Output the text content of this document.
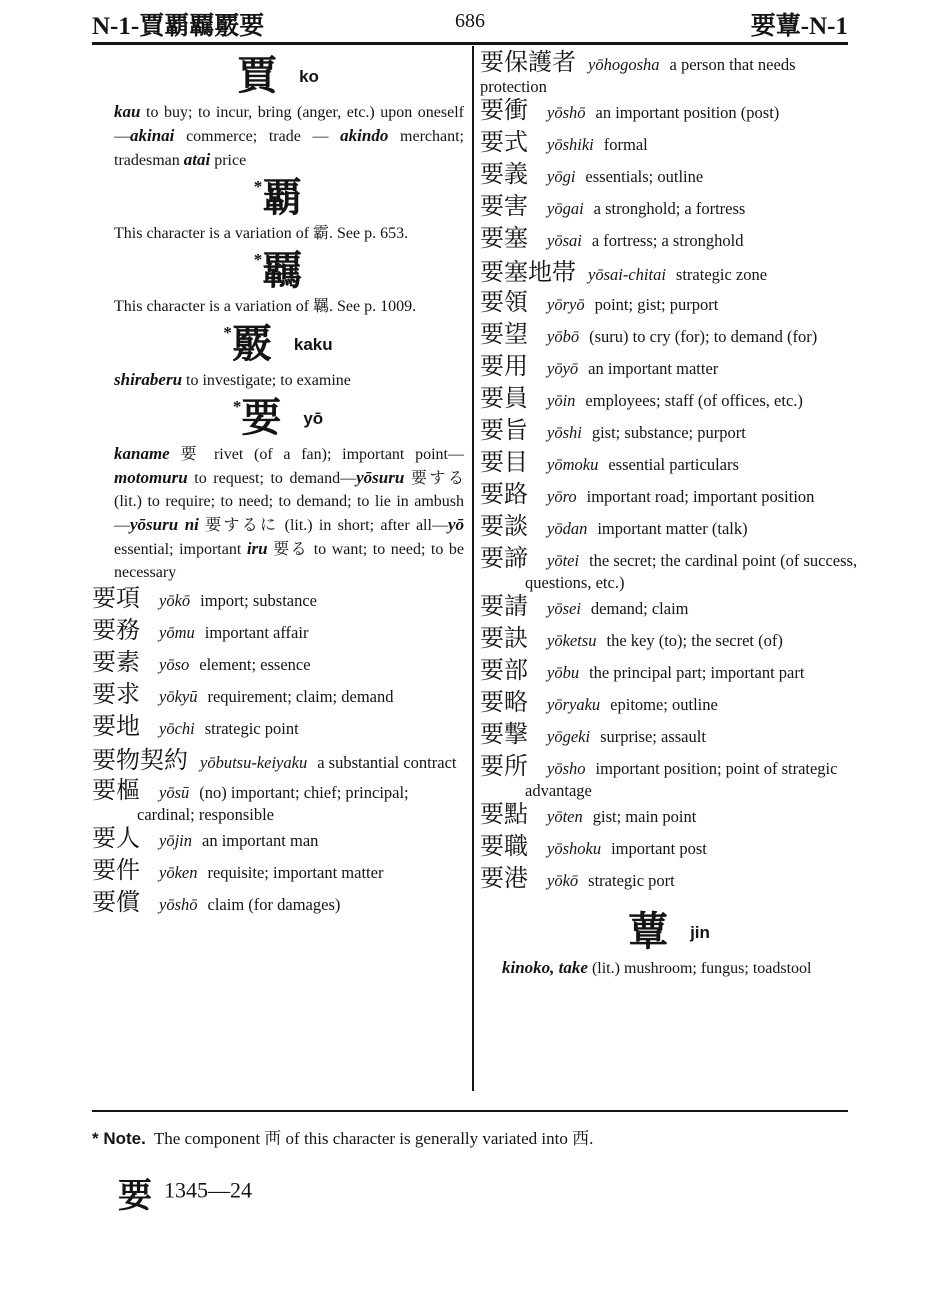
N-1-賈覇覊覈要	686	要蕈-N-1
賈 ko
kau to buy; to incur, bring (anger, etc.) upon oneself—akinai commerce; trade — akindo merchant; tradesman atai price
*覇
This character is a variation of 霸. See p. 653.
*覊
This character is a variation of 羈. See p. 1009.
*覈 kaku
shiraberu to investigate; to examine
*要 yō
kaname 要 rivet (of a fan); important point—motomuru to request; to demand—yōsuru 要する (lit.) to require; to need; to demand; to lie in ambush—yōsuru ni 要するに (lit.) in short; after all—yō essential; important iru 要る to want; to need; to be necessary
要項 yōkō import; substance
要務 yōmu important affair
要素 yōso element; essence
要求 yōkyū requirement; claim; demand
要地 yōchi strategic point
要物契約 yōbutsu-keiyaku a substantial contract
要樞 yōsū (no) important; chief; principal; cardinal; responsible
要人 yōjin an important man
要件 yōken requisite; important matter
要償 yōshō claim (for damages)
要保護者 yōhogosha a person that needs protection
要衝 yōshō an important position (post)
要式 yōshiki formal
要義 yōgi essentials; outline
要害 yōgai a stronghold; a fortress
要塞 yōsai a fortress; a stronghold
要塞地帯 yōsai-chitai strategic zone
要領 yōryō point; gist; purport
要望 yōbō (suru) to cry (for); to demand (for)
要用 yōyō an important matter
要員 yōin employees; staff (of offices, etc.)
要旨 yōshi gist; substance; purport
要目 yōmoku essential particulars
要路 yōro important road; important position
要談 yōdan important matter (talk)
要諦 yōtei the secret; the cardinal point (of success, questions, etc.)
要請 yōsei demand; claim
要訣 yōketsu the key (to); the secret (of)
要部 yōbu the principal part; important part
要略 yōryaku epitome; outline
要撃 yōgeki surprise; assault
要所 yōsho important position; point of strategic advantage
要點 yōten gist; main point
要職 yōshoku important post
要港 yōkō strategic port
蕈 jin
kinoko, take (lit.) mushroom; fungus; toadstool
* Note. The component 襾 of this character is generally variated into 西.
要 1345—24
